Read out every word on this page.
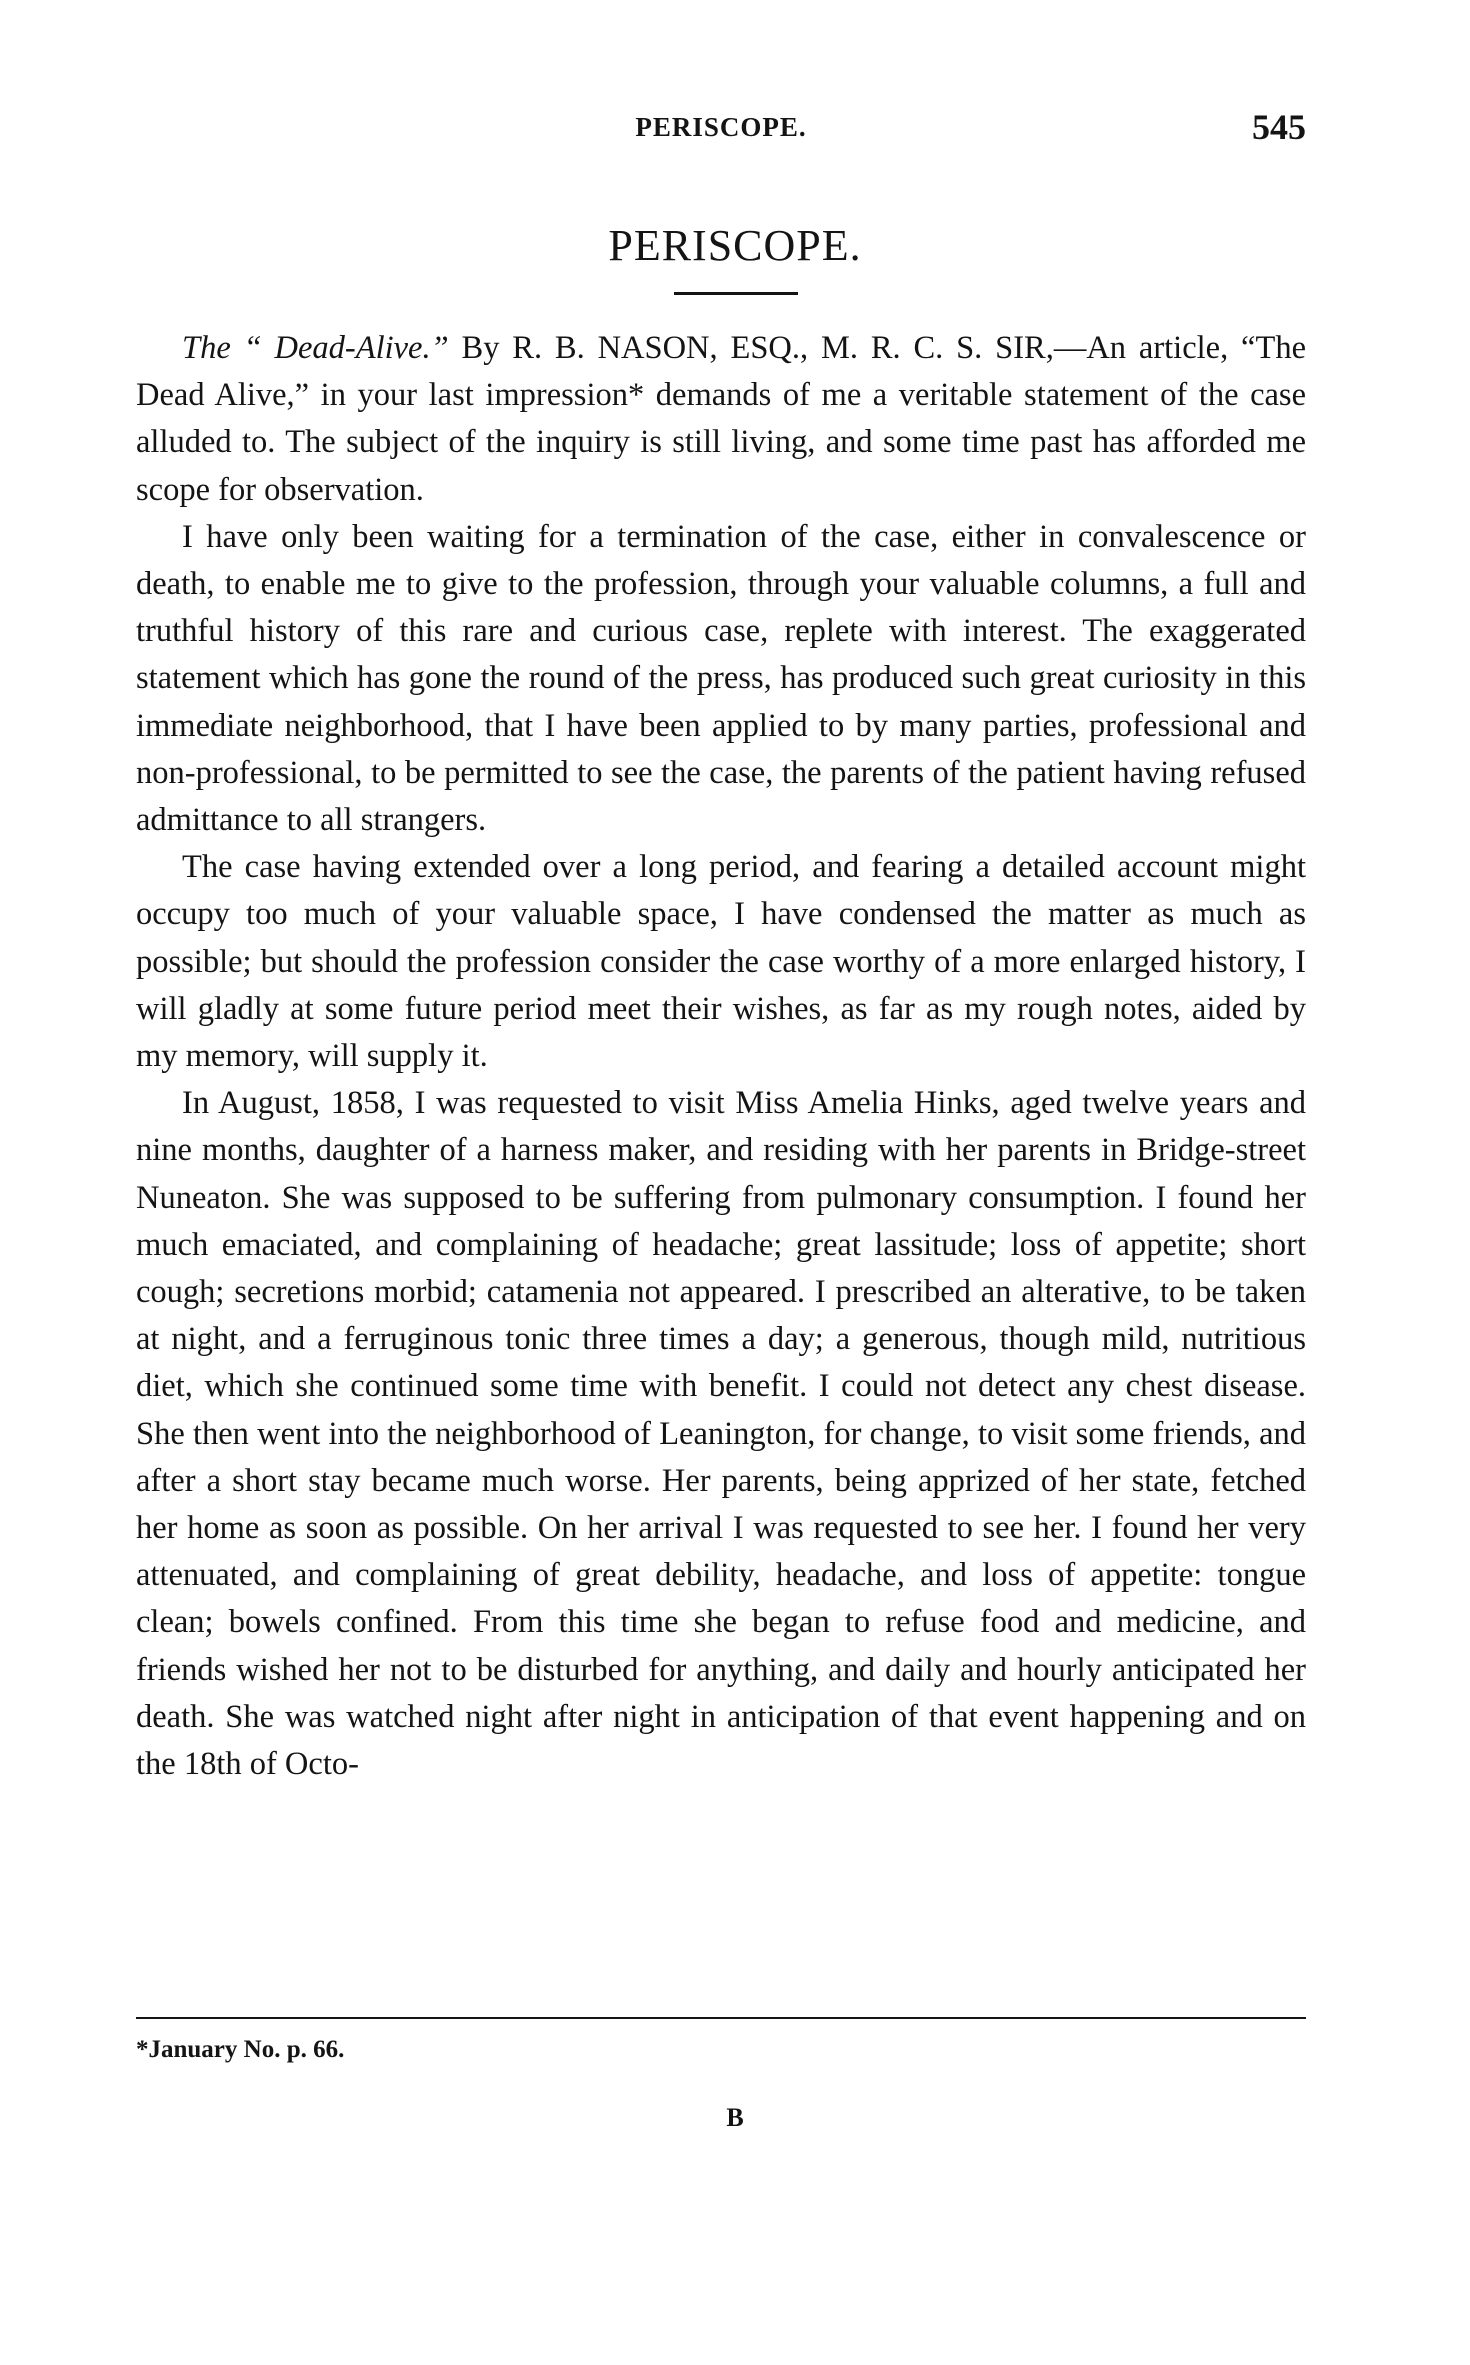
PERISCOPE.	545
PERISCOPE.

The “ Dead-Alive.” By R. B. NASON, ESQ., M. R. C. S. SIR,—An article, “The Dead Alive,” in your last impression* demands of me a veritable statement of the case alluded to. The subject of the inquiry is still living, and some time past has afforded me scope for observation.

I have only been waiting for a termination of the case, either in convalescence or death, to enable me to give to the profession, through your valuable columns, a full and truthful history of this rare and curious case, replete with interest. The exaggerated statement which has gone the round of the press, has produced such great curiosity in this immediate neighborhood, that I have been applied to by many parties, professional and non-professional, to be permitted to see the case, the parents of the patient having refused admittance to all strangers.

The case having extended over a long period, and fearing a detailed account might occupy too much of your valuable space, I have condensed the matter as much as possible; but should the profession consider the case worthy of a more enlarged history, I will gladly at some future period meet their wishes, as far as my rough notes, aided by my memory, will supply it.

In August, 1858, I was requested to visit Miss Amelia Hinks, aged twelve years and nine months, daughter of a harness maker, and residing with her parents in Bridge-street Nuneaton. She was supposed to be suffering from pulmonary consumption. I found her much emaciated, and complaining of headache; great lassitude; loss of appetite; short cough; secretions morbid; catamenia not appeared. I prescribed an alterative, to be taken at night, and a ferruginous tonic three times a day; a generous, though mild, nutritious diet, which she continued some time with benefit. I could not detect any chest disease. She then went into the neighborhood of Leanington, for change, to visit some friends, and after a short stay became much worse. Her parents, being apprized of her state, fetched her home as soon as possible. On her arrival I was requested to see her. I found her very attenuated, and complaining of great debility, headache, and loss of appetite: tongue clean; bowels confined. From this time she began to refuse food and medicine, and friends wished her not to be disturbed for anything, and daily and hourly anticipated her death. She was watched night after night in anticipation of that event happening and on the 18th of Octo-

*January No. p. 66.
B
